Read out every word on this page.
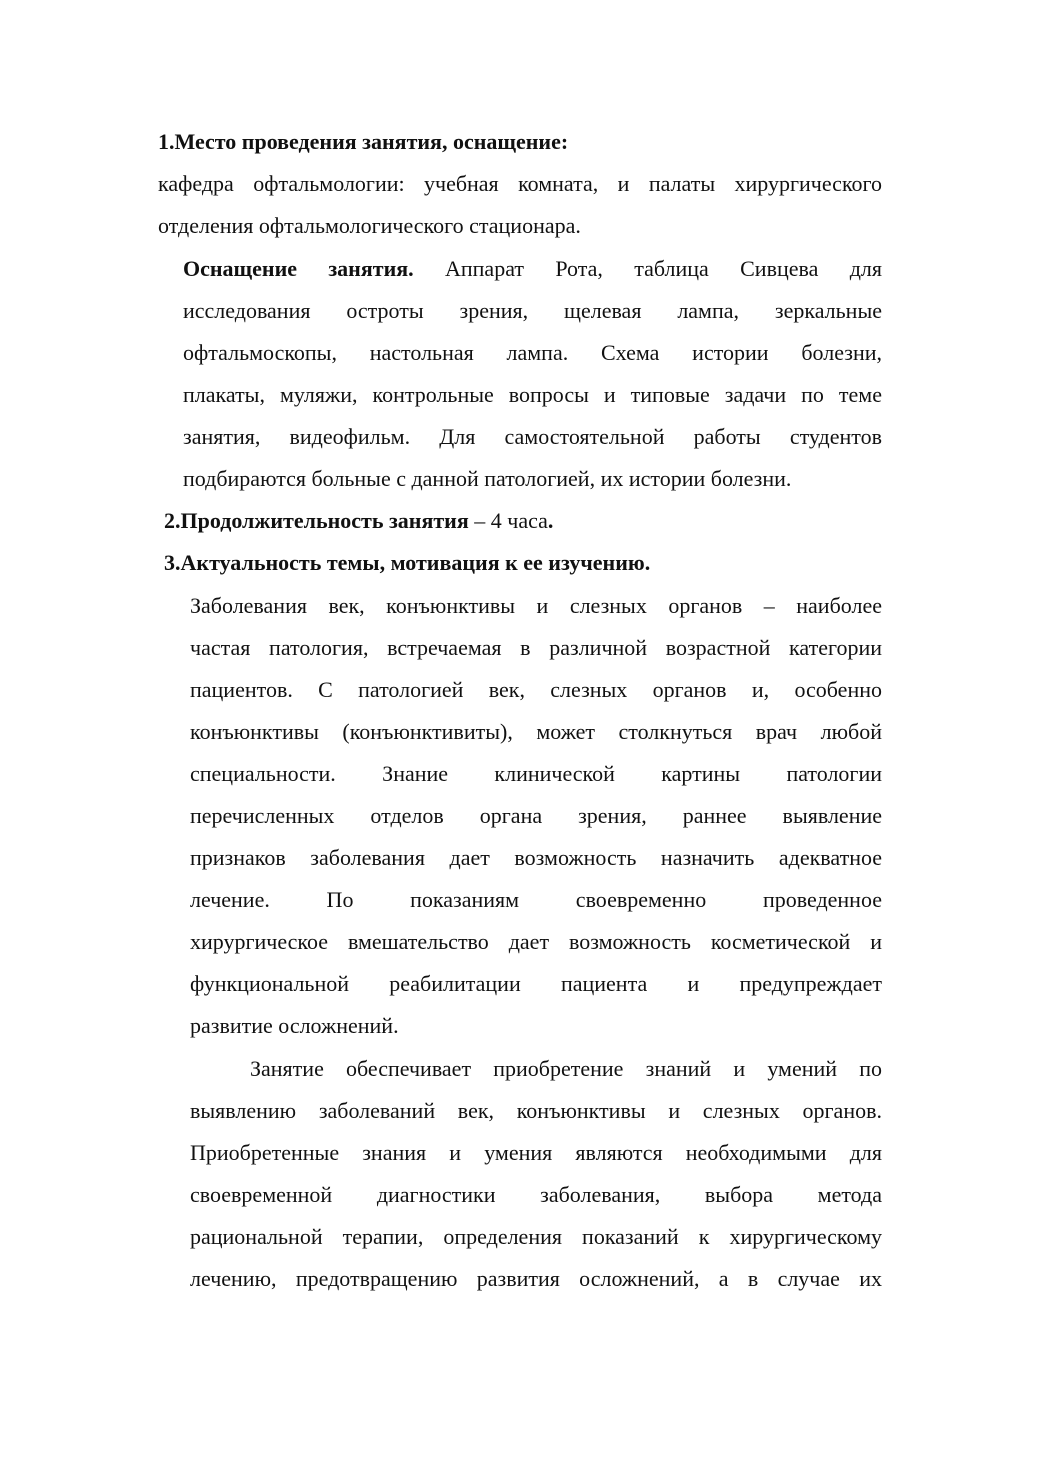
1.Место проведения занятия, оснащение:
кафедра офтальмологии: учебная комната, и палаты хирургического
отделения офтальмологического стационара.
Оснащение занятия. Аппарат Рота, таблица Сивцева для
исследования остроты зрения, щелевая лампа, зеркальные
офтальмоскопы, настольная лампа. Схема истории болезни,
плакаты, муляжи, контрольные вопросы и типовые задачи по теме
занятия, видеофильм. Для самостоятельной работы студентов
подбираются больные с данной патологией, их истории болезни.
2.Продолжительность занятия – 4 часа.
3.Актуальность темы, мотивация к ее изучению.
Заболевания век, конъюнктивы и слезных органов – наиболее
частая патология, встречаемая в различной возрастной категории
пациентов. С патологией век, слезных органов и, особенно
конъюнктивы (конъюнктивиты), может столкнуться врач любой
специальности. Знание клинической картины патологии
перечисленных отделов органа зрения, раннее выявление
признаков заболевания дает возможность назначить адекватное
лечение. По показаниям своевременно проведенное
хирургическое вмешательство дает возможность косметической и
функциональной реабилитации пациента и предупреждает
развитие осложнений.
Занятие обеспечивает приобретение знаний и умений по
выявлению заболеваний век, конъюнктивы и слезных органов.
Приобретенные знания и умения являются необходимыми для
своевременной диагностики заболевания, выбора метода
рациональной терапии, определения показаний к хирургическому
лечению, предотвращению развития осложнений, а в случае их
